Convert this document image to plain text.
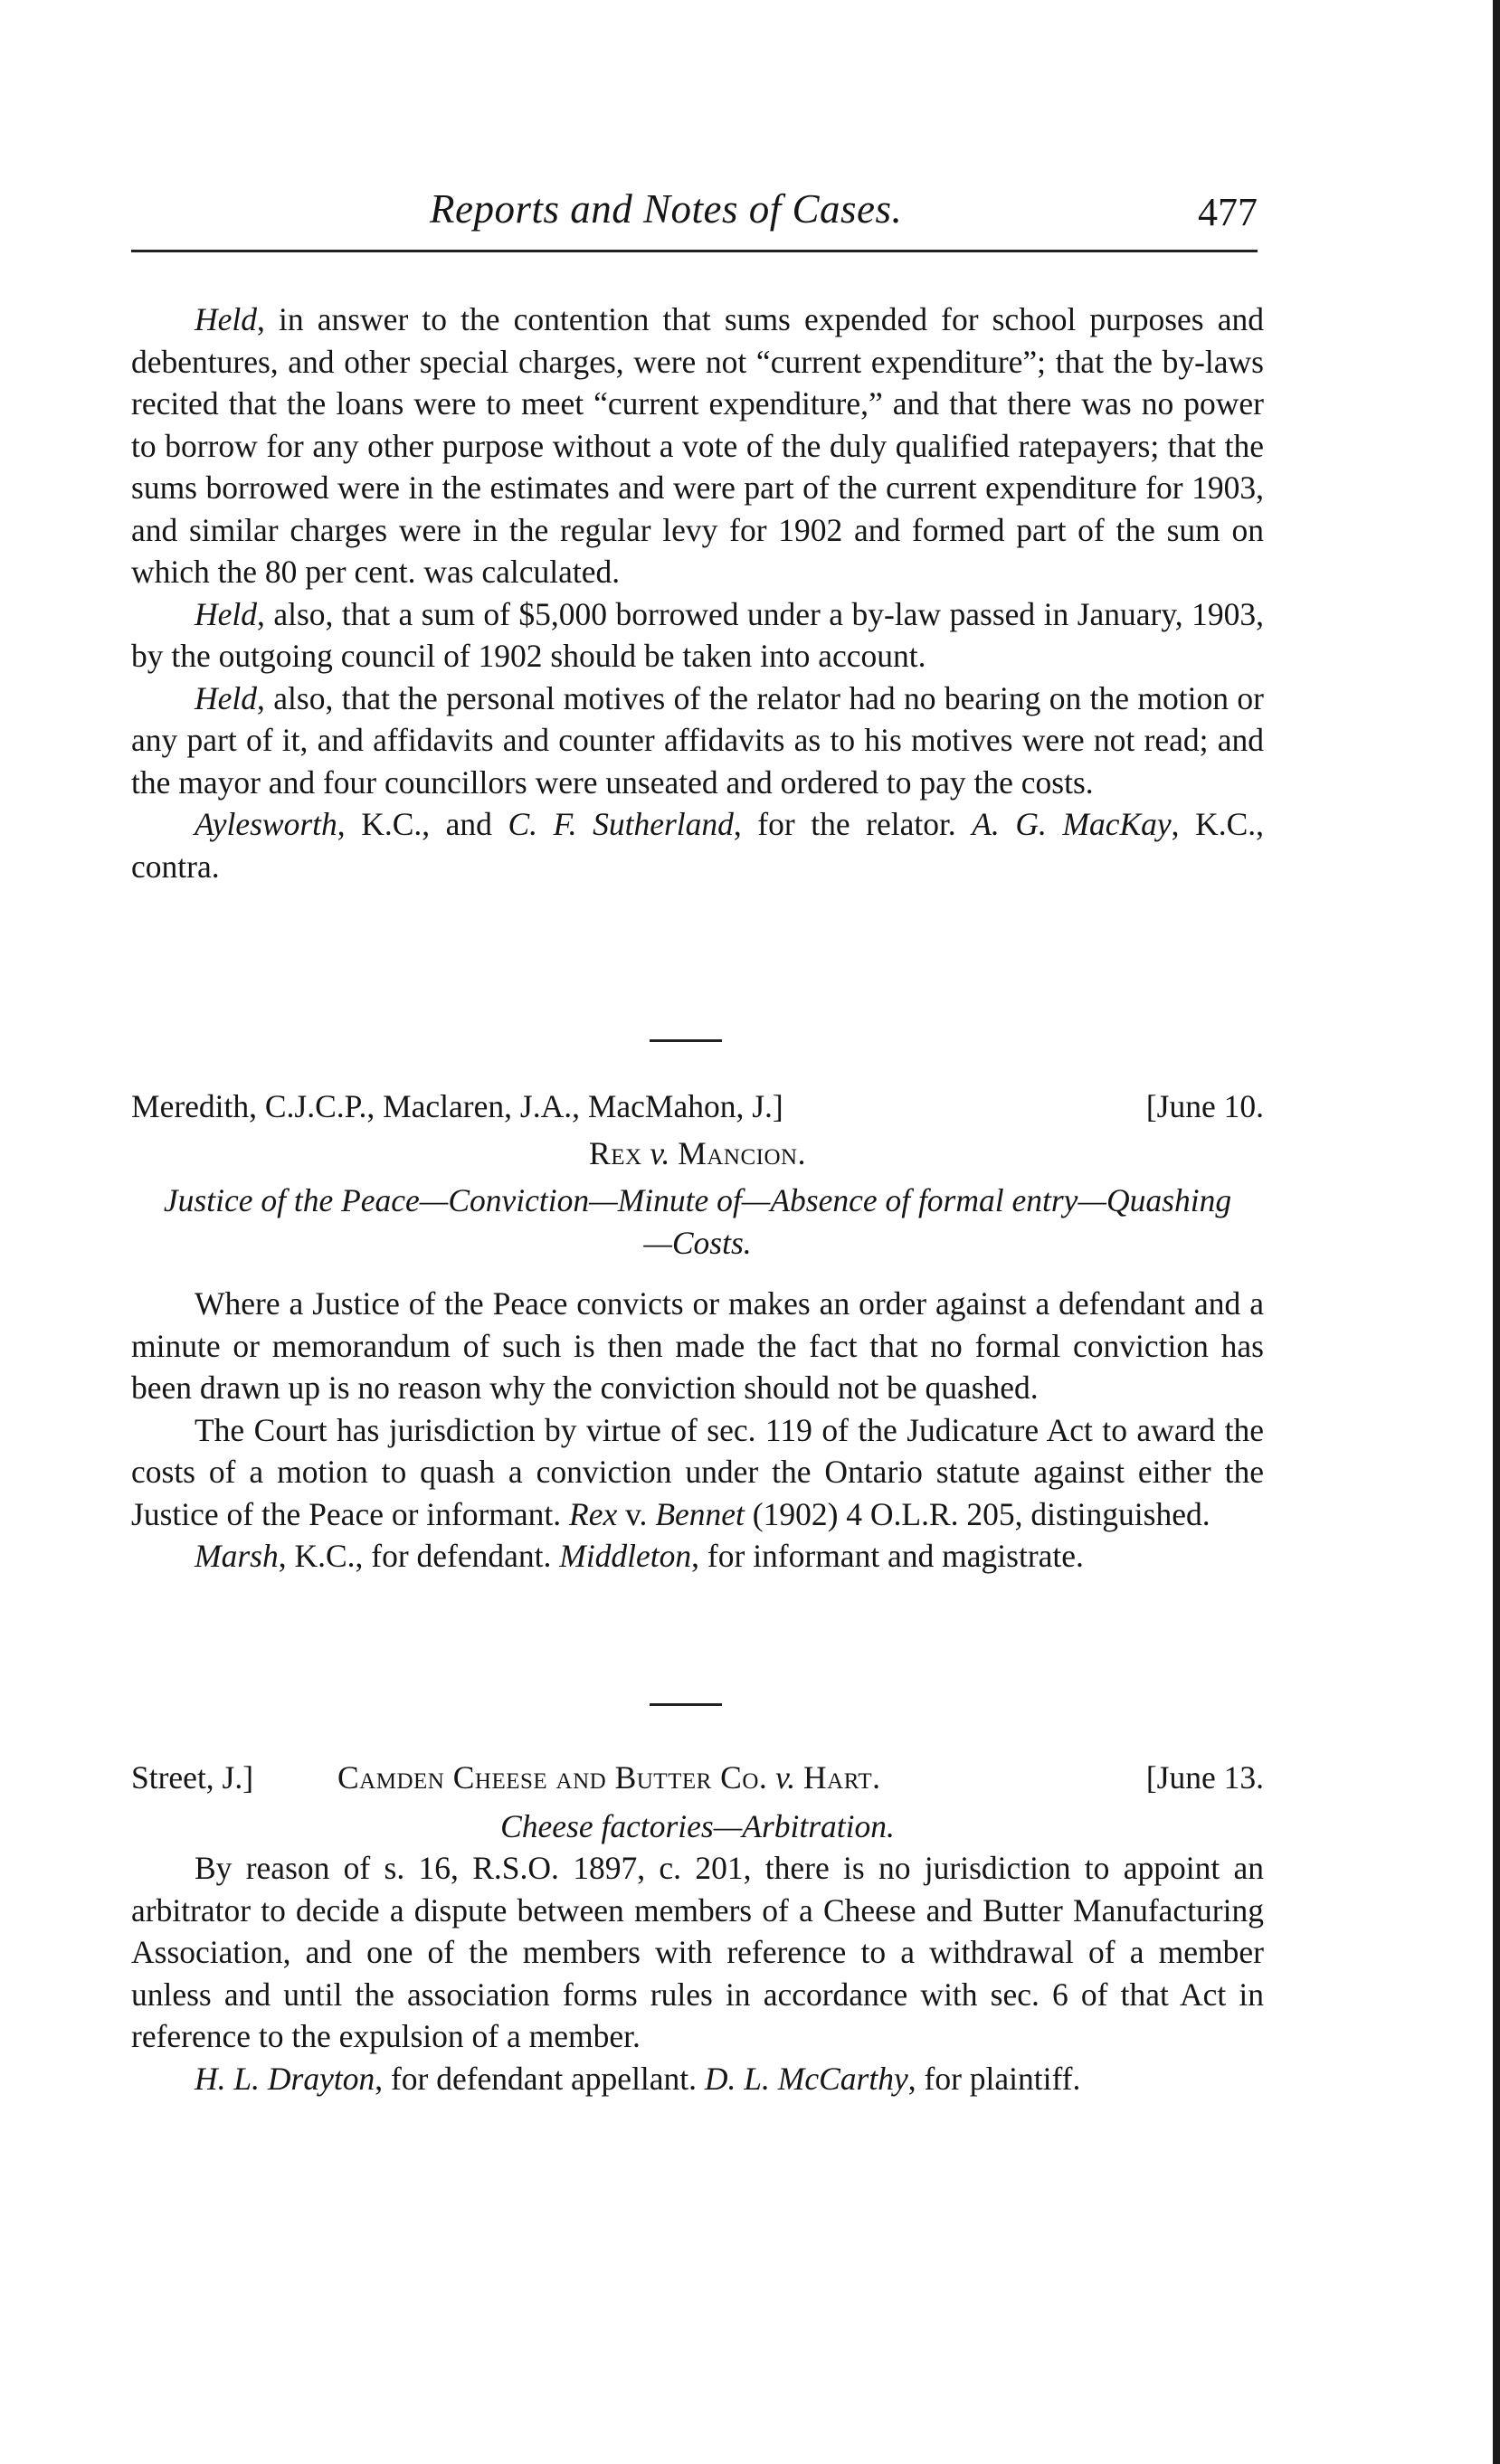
Reports and Notes of Cases.	477

Held, in answer to the contention that sums expended for school purposes and debentures, and other special charges, were not “current expenditure”; that the by-laws recited that the loans were to meet “current expenditure,” and that there was no power to borrow for any other purpose without a vote of the duly qualified ratepayers; that the sums borrowed were in the estimates and were part of the current expenditure for 1903, and similar charges were in the regular levy for 1902 and formed part of the sum on which the 80 per cent. was calculated.

Held, also, that a sum of $5,000 borrowed under a by-law passed in January, 1903, by the outgoing council of 1902 should be taken into account.

Held, also, that the personal motives of the relator had no bearing on the motion or any part of it, and affidavits and counter affidavits as to his motives were not read; and the mayor and four councillors were unseated and ordered to pay the costs.

Aylesworth, K.C., and C. F. Sutherland, for the relator. A. G. MacKay, K.C., contra.

Meredith, C.J.C.P., Maclaren, J.A., MacMahon, J.]	[June 10.
Rex v. Mancion.
Justice of the Peace—Conviction—Minute of—Absence of formal entry—Quashing—Costs.

Where a Justice of the Peace convicts or makes an order against a defendant and a minute or memorandum of such is then made the fact that no formal conviction has been drawn up is no reason why the conviction should not be quashed.

The Court has jurisdiction by virtue of sec. 119 of the Judicature Act to award the costs of a motion to quash a conviction under the Ontario statute against either the Justice of the Peace or informant. Rex v. Bennet (1902) 4 O.L.R. 205, distinguished.

Marsh, K.C., for defendant. Middleton, for informant and magistrate.

Street, J.]	Camden Cheese and Butter Co. v. Hart.	[June 13.
Cheese factories—Arbitration.

By reason of s. 16, R.S.O. 1897, c. 201, there is no jurisdiction to appoint an arbitrator to decide a dispute between members of a Cheese and Butter Manufacturing Association, and one of the members with reference to a withdrawal of a member unless and until the association forms rules in accordance with sec. 6 of that Act in reference to the expulsion of a member.

H. L. Drayton, for defendant appellant. D. L. McCarthy, for plaintiff.
